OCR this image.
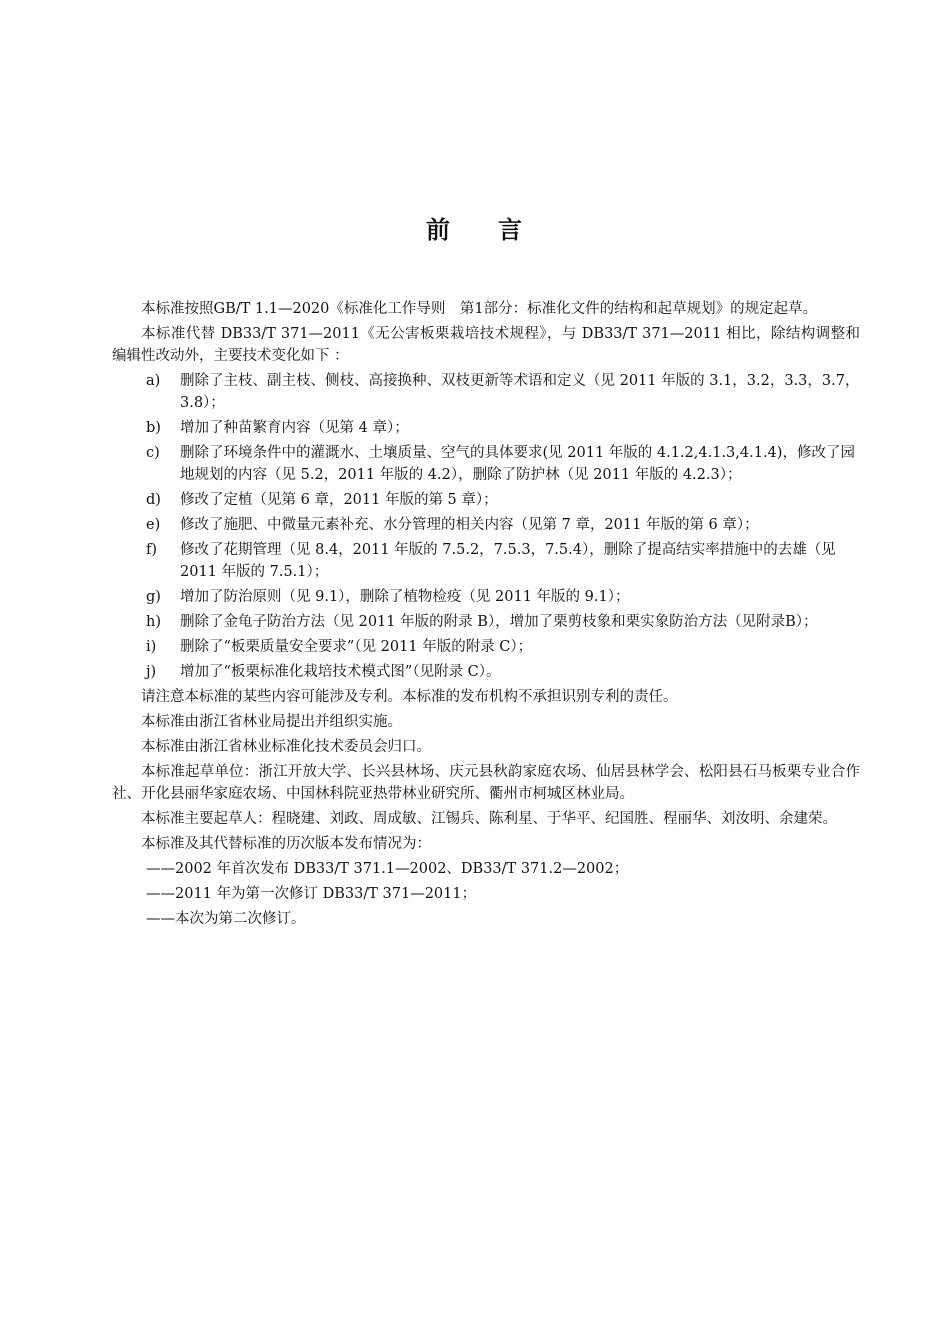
前 言
本标准按照GB/T 1.1—2020《标准化工作导则　第1部分：标准化文件的结构和起草规划》的规定起草。
本标准代替 DB33/T 371—2011《无公害板栗栽培技术规程》，与 DB33/T 371—2011 相比，除结构调整和编辑性改动外，主要技术变化如下 ：
a) 删除了主枝、副主枝、侧枝、高接换种、双枝更新等术语和定义（见 2011 年版的 3.1，3.2，3.3，3.7，3.8）；
b) 增加了种苗繁育内容（见第 4 章）；
c) 删除了环境条件中的灌溉水、土壤质量、空气的具体要求(见 2011 年版的 4.1.2,4.1.3,4.1.4)，修改了园地规划的内容（见 5.2，2011 年版的 4.2），删除了防护林（见 2011 年版的 4.2.3）；
d) 修改了定植（见第 6 章，2011 年版的第 5 章）；
e) 修改了施肥、中微量元素补充、水分管理的相关内容（见第 7 章，2011 年版的第 6 章）；
f) 修改了花期管理（见 8.4，2011 年版的 7.5.2，7.5.3，7.5.4），删除了提高结实率措施中的去雄（见 2011 年版的 7.5.1）；
g) 增加了防治原则（见 9.1），删除了植物检疫（见 2011 年版的 9.1）；
h) 删除了金龟子防治方法（见 2011 年版的附录 B），增加了栗剪枝象和栗实象防治方法（见附录B）；
i) 删除了“板栗质量安全要求”（见 2011 年版的附录 C）；
j) 增加了“板栗标准化栽培技术模式图”（见附录 C）。
请注意本标准的某些内容可能涉及专利。本标准的发布机构不承担识别专利的责任。
本标准由浙江省林业局提出并组织实施。
本标准由浙江省林业标准化技术委员会归口。
本标准起草单位：浙江开放大学、长兴县林场、庆元县秋韵家庭农场、仙居县林学会、松阳县石马板栗专业合作社、开化县丽华家庭农场、中国林科院亚热带林业研究所、衢州市柯城区林业局。
本标准主要起草人：程晓建、刘政、周成敏、江锡兵、陈利星、于华平、纪国胜、程丽华、刘汝明、余建荣。
本标准及其代替标准的历次版本发布情况为：
——2002 年首次发布 DB33/T 371.1—2002、DB33/T 371.2—2002；
——2011 年为第一次修订 DB33/T 371—2011；
——本次为第二次修订。
